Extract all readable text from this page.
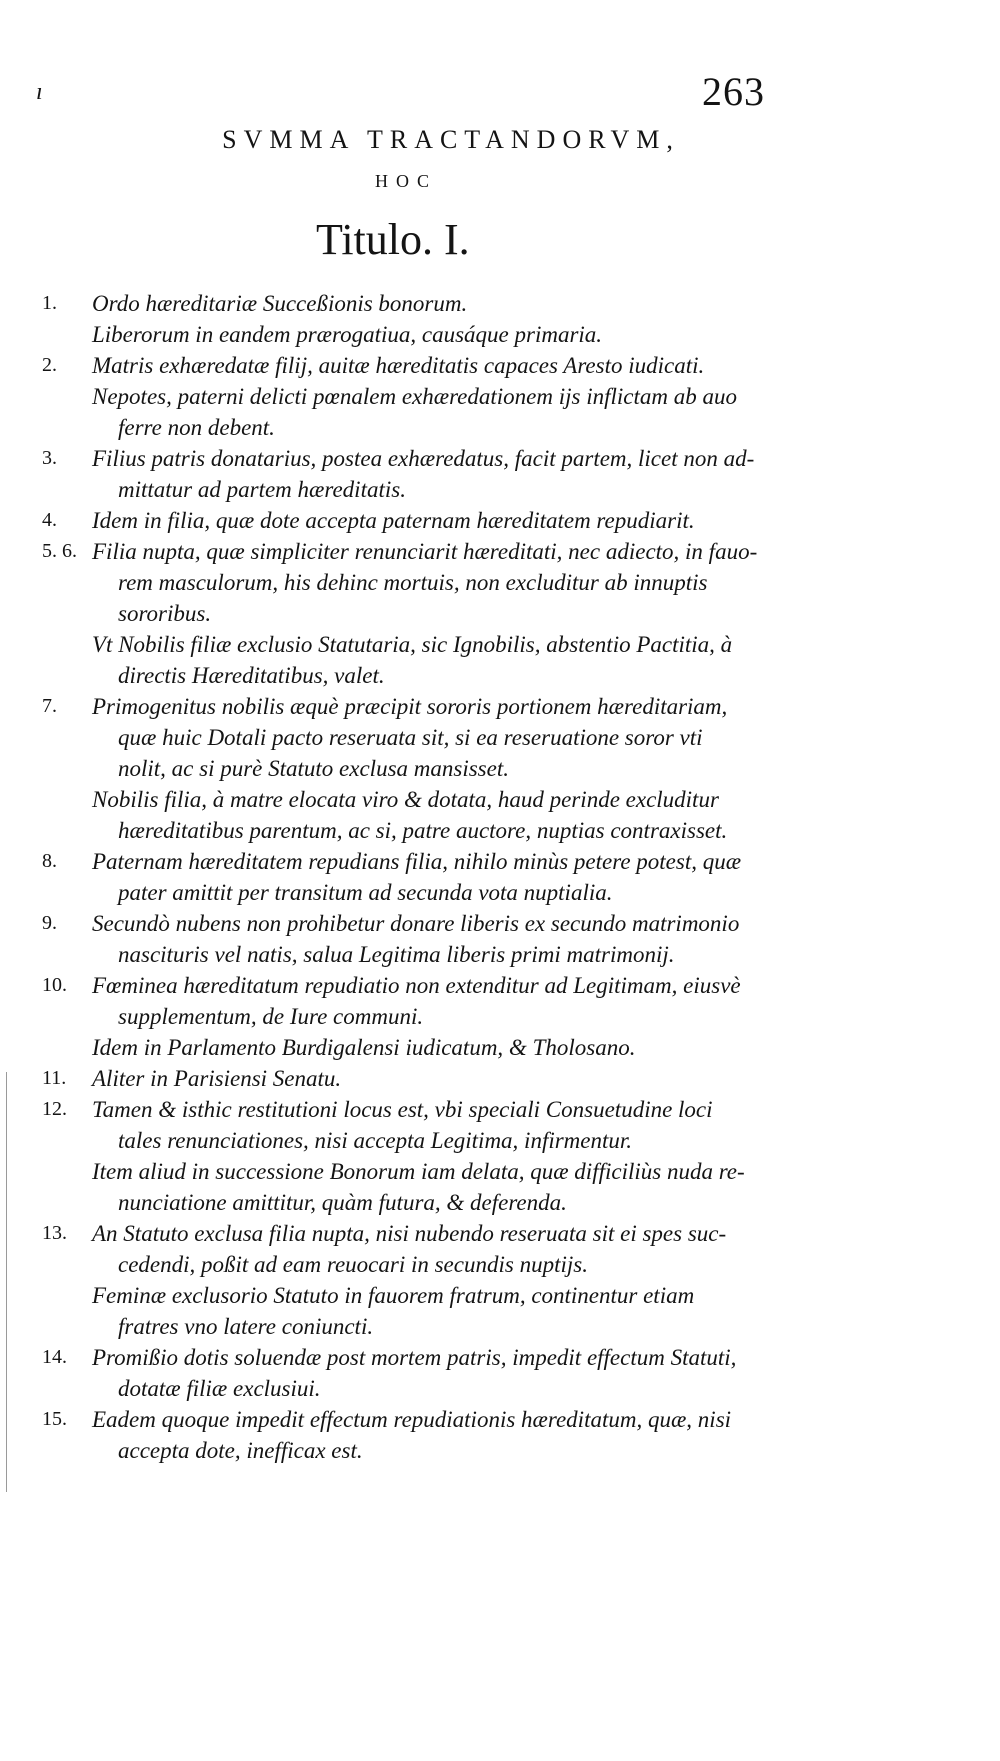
263
ı
SVMMA TRACTANDORVM,
HOC
Titulo. I.
1. Ordo hæreditariæ Succeßionis bonorum.
Liberorum in eandem prærogatiua, causáque primaria.
2. Matris exhæredatæ filij, auitæ hæreditatis capaces Aresto iudicati.
Nepotes, paterni delicti pœnalem exhæredationem ijs inflictam ab auo
ferre non debent.
3. Filius patris donatarius, postea exhæredatus, facit partem, licet non ad-
mittatur ad partem hæreditatis.
4. Idem in filia, quæ dote accepta paternam hæreditatem repudiarit.
5. 6. Filia nupta, quæ simpliciter renunciarit hæreditati, nec adiecto, in fauo-
rem masculorum, his dehinc mortuis, non excluditur ab innuptis
sororibus.
Vt Nobilis filiæ exclusio Statutaria, sic Ignobilis, abstentio Pactitia, à
directis Hæreditatibus, valet.
7. Primogenitus nobilis æquè præcipit sororis portionem hæreditariam,
quæ huic Dotali pacto reseruata sit, si ea reseruatione soror vti
nolit, ac si purè Statuto exclusa mansisset.
Nobilis filia, à matre elocata viro & dotata, haud perinde excluditur
hæreditatibus parentum, ac si, patre auctore, nuptias contraxisset.
8. Paternam hæreditatem repudians filia, nihilo minùs petere potest, quæ
pater amittit per transitum ad secunda vota nuptialia.
9. Secundò nubens non prohibetur donare liberis ex secundo matrimonio
nascituris vel natis, salua Legitima liberis primi matrimonij.
10. Fœminea hæreditatum repudiatio non extenditur ad Legitimam, eiusvè
supplementum, de Iure communi.
Idem in Parlamento Burdigalensi iudicatum, & Tholosano.
11. Aliter in Parisiensi Senatu.
12. Tamen & isthic restitutioni locus est, vbi speciali Consuetudine loci
tales renunciationes, nisi accepta Legitima, infirmentur.
Item aliud in successione Bonorum iam delata, quæ difficiliùs nuda re-
nunciatione amittitur, quàm futura, & deferenda.
13. An Statuto exclusa filia nupta, nisi nubendo reseruata sit ei spes suc-
cedendi, poßit ad eam reuocari in secundis nuptijs.
Feminæ exclusorio Statuto in fauorem fratrum, continentur etiam
fratres vno latere coniuncti.
14. Promißio dotis soluendæ post mortem patris, impedit effectum Statuti,
dotatæ filiæ exclusiui.
15. Eadem quoque impedit effectum repudiationis hæreditatum, quæ, nisi
accepta dote, inefficax est.
